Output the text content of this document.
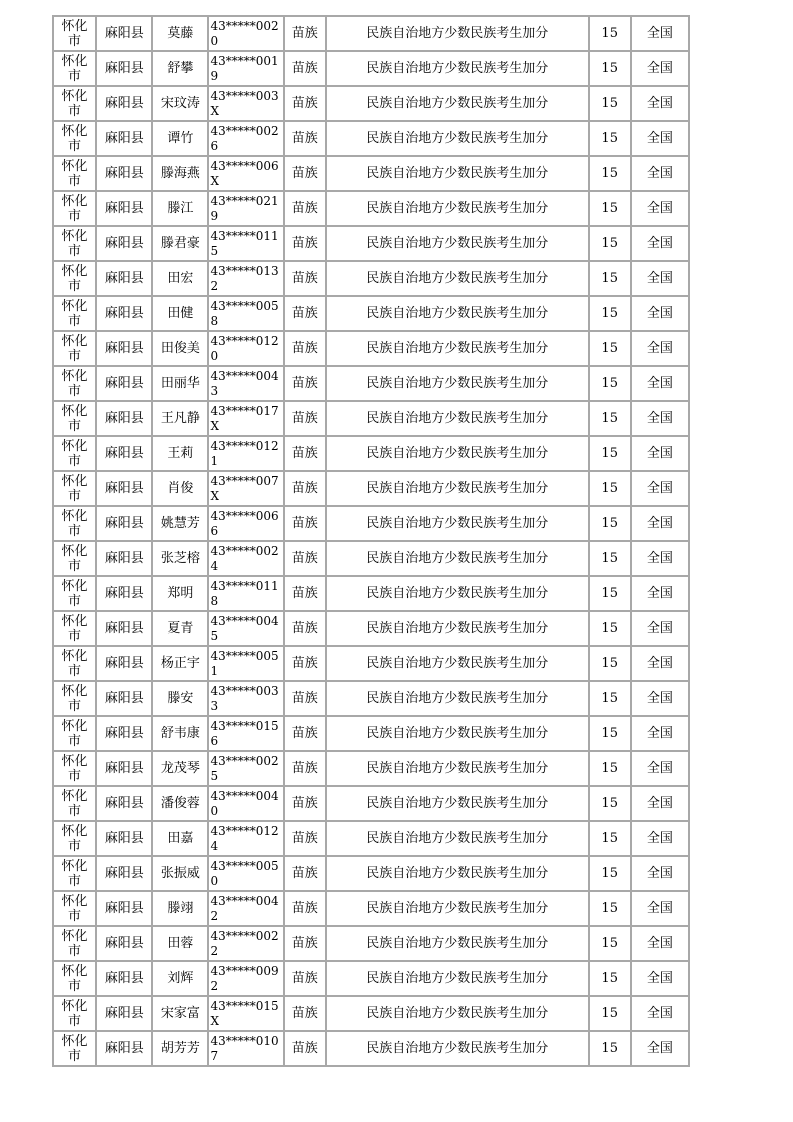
怀化市	麻阳县	莫藤	43*****0020	苗族	民族自治地方少数民族考生加分	15	全国
怀化市	麻阳县	舒攀	43*****0019	苗族	民族自治地方少数民族考生加分	15	全国
怀化市	麻阳县	宋玟涛	43*****003X	苗族	民族自治地方少数民族考生加分	15	全国
怀化市	麻阳县	谭竹	43*****0026	苗族	民族自治地方少数民族考生加分	15	全国
怀化市	麻阳县	滕海燕	43*****006X	苗族	民族自治地方少数民族考生加分	15	全国
怀化市	麻阳县	滕江	43*****0219	苗族	民族自治地方少数民族考生加分	15	全国
怀化市	麻阳县	滕君豪	43*****0115	苗族	民族自治地方少数民族考生加分	15	全国
怀化市	麻阳县	田宏	43*****0132	苗族	民族自治地方少数民族考生加分	15	全国
怀化市	麻阳县	田健	43*****0058	苗族	民族自治地方少数民族考生加分	15	全国
怀化市	麻阳县	田俊美	43*****0120	苗族	民族自治地方少数民族考生加分	15	全国
怀化市	麻阳县	田丽华	43*****0043	苗族	民族自治地方少数民族考生加分	15	全国
怀化市	麻阳县	王凡静	43*****017X	苗族	民族自治地方少数民族考生加分	15	全国
怀化市	麻阳县	王莉	43*****0121	苗族	民族自治地方少数民族考生加分	15	全国
怀化市	麻阳县	肖俊	43*****007X	苗族	民族自治地方少数民族考生加分	15	全国
怀化市	麻阳县	姚慧芳	43*****0066	苗族	民族自治地方少数民族考生加分	15	全国
怀化市	麻阳县	张芝榕	43*****0024	苗族	民族自治地方少数民族考生加分	15	全国
怀化市	麻阳县	郑明	43*****0118	苗族	民族自治地方少数民族考生加分	15	全国
怀化市	麻阳县	夏青	43*****0045	苗族	民族自治地方少数民族考生加分	15	全国
怀化市	麻阳县	杨正宇	43*****0051	苗族	民族自治地方少数民族考生加分	15	全国
怀化市	麻阳县	滕安	43*****0033	苗族	民族自治地方少数民族考生加分	15	全国
怀化市	麻阳县	舒韦康	43*****0156	苗族	民族自治地方少数民族考生加分	15	全国
怀化市	麻阳县	龙茂琴	43*****0025	苗族	民族自治地方少数民族考生加分	15	全国
怀化市	麻阳县	潘俊蓉	43*****0040	苗族	民族自治地方少数民族考生加分	15	全国
怀化市	麻阳县	田嘉	43*****0124	苗族	民族自治地方少数民族考生加分	15	全国
怀化市	麻阳县	张振威	43*****0050	苗族	民族自治地方少数民族考生加分	15	全国
怀化市	麻阳县	滕翊	43*****0042	苗族	民族自治地方少数民族考生加分	15	全国
怀化市	麻阳县	田蓉	43*****0022	苗族	民族自治地方少数民族考生加分	15	全国
怀化市	麻阳县	刘辉	43*****0092	苗族	民族自治地方少数民族考生加分	15	全国
怀化市	麻阳县	宋家富	43*****015X	苗族	民族自治地方少数民族考生加分	15	全国
怀化市	麻阳县	胡芳芳	43*****0107	苗族	民族自治地方少数民族考生加分	15	全国
